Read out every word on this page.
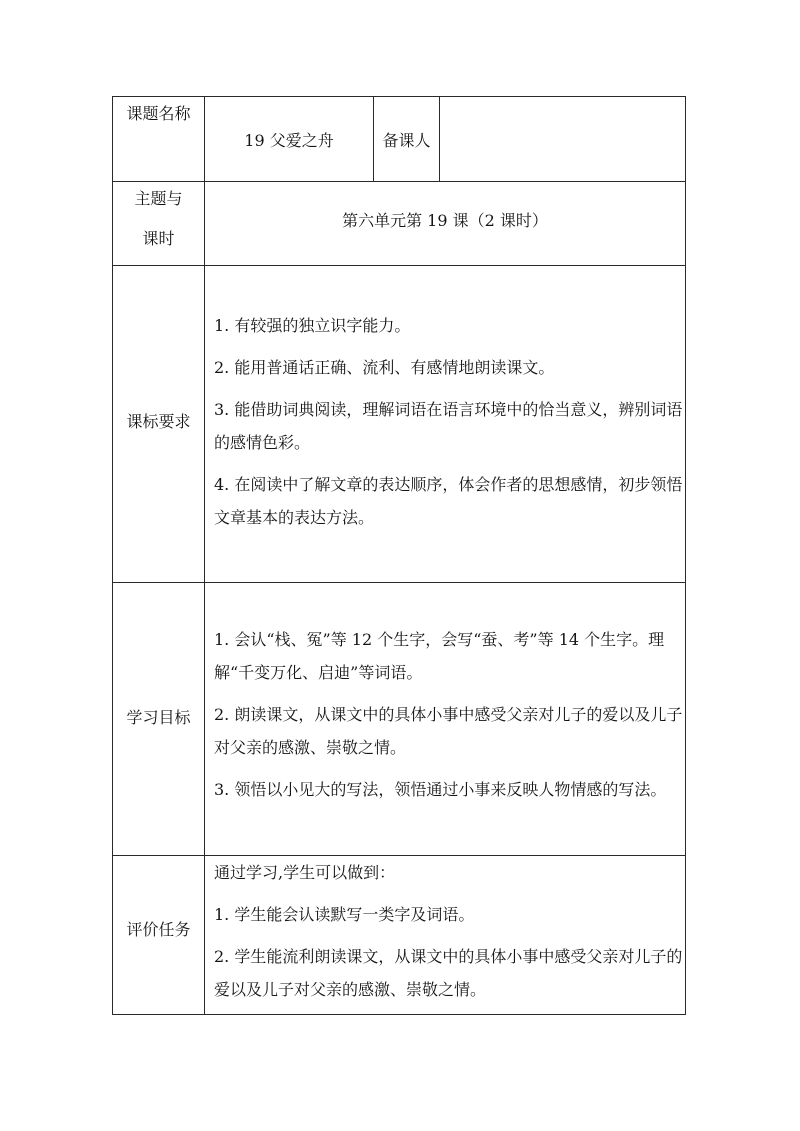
课题名称
19 父爱之舟	备课人
主题与
课时
第六单元第 19 课（2 课时）
课标要求
1. 有较强的独立识字能力。
2. 能用普通话正确、流利、有感情地朗读课文。
3. 能借助词典阅读，理解词语在语言环境中的恰当意义，辨别词语
的感情色彩。
4. 在阅读中了解文章的表达顺序，体会作者的思想感情，初步领悟
文章基本的表达方法。
学习目标
1. 会认“栈、冤”等 12 个生字，会写“蚕、考”等 14 个生字。理
解“千变万化、启迪”等词语。
2. 朗读课文，从课文中的具体小事中感受父亲对儿子的爱以及儿子
对父亲的感激、崇敬之情。
3. 领悟以小见大的写法，领悟通过小事来反映人物情感的写法。
评价任务
通过学习,学生可以做到：
1. 学生能会认读默写一类字及词语。
2. 学生能流利朗读课文，从课文中的具体小事中感受父亲对儿子的
爱以及儿子对父亲的感激、崇敬之情。
